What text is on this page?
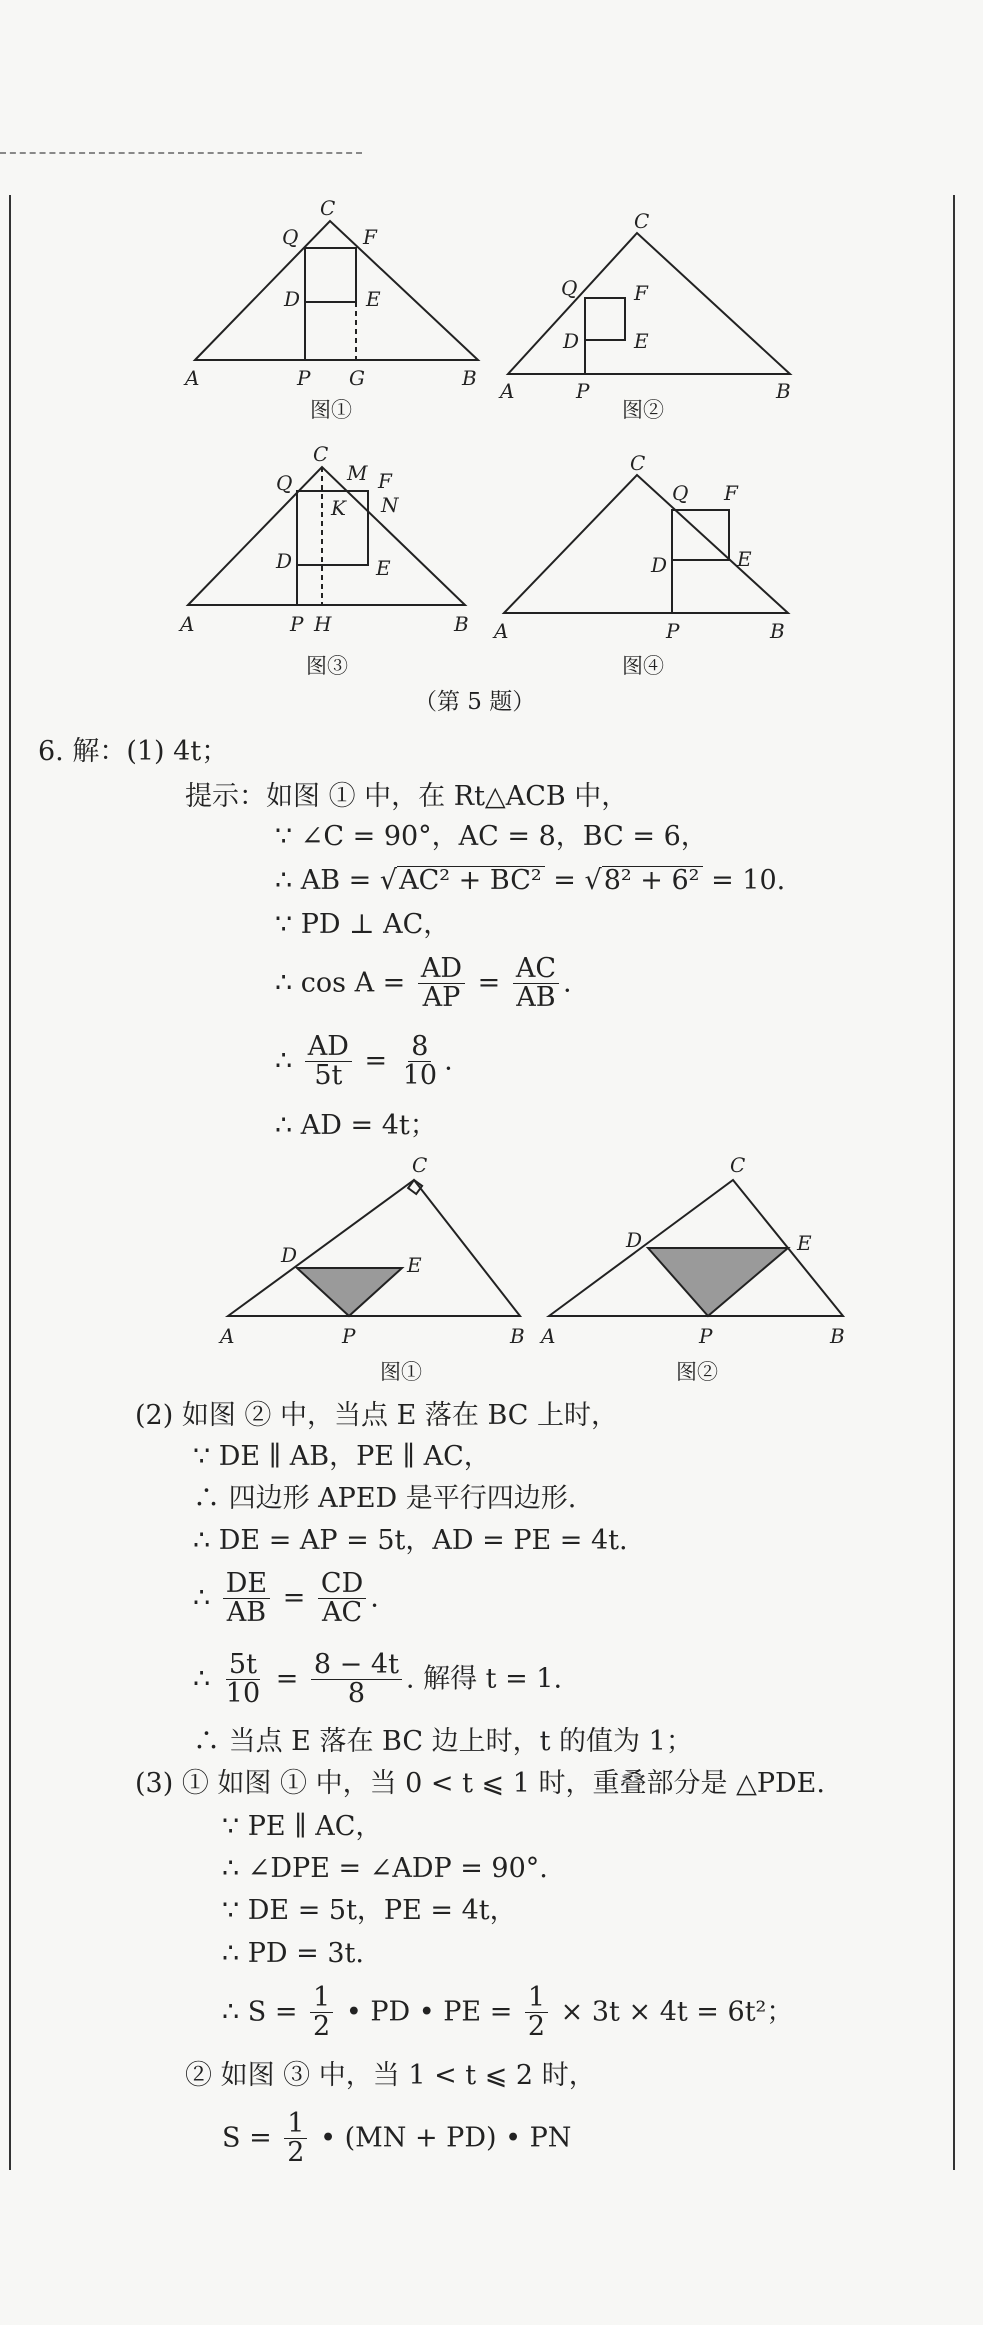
C
Q	F
D	E
A	P G	B
C
Q	F
D	E
A	P	B
C
Q	M F
K N
D	E
A	P H	B
C
Q F
D	E
A	P	B
图①	图②
图③	图④
（第 5 题）
6. 解：(1) 4t；
提示：如图 ① 中，在 Rt△ACB 中，
∵ ∠C = 90°，AC = 8，BC = 6，
∴ AB = √AC² + BC² = √8² + 6² = 10.
∵ PD ⊥ AC，
∴ $\cos A = \frac{AD}{AP} = \frac{AC}{AB}$ .
∴ $\frac{AD}{5t} = \frac{8}{10}$ .
∴ AD = 4t；
C
D	E
A	P	B
C
D	E
A	P	B
图①	图②
(2) 如图 ② 中，当点 E 落在 BC 上时，
∵ DE ∥ AB，PE ∥ AC，
∴ 四边形 APED 是平行四边形.
∴ DE = AP = 5t，AD = PE = 4t.
∴ $\frac{DE}{AB} = \frac{CD}{AC}$ .
∴ $\frac{5t}{10} = \frac{8 - 4t}{8}$ . 解得 t = 1.
∴ 当点 E 落在 BC 边上时，t 的值为 1；
(3) ① 如图 ① 中，当 0 < t ⩽ 1 时，重叠部分是 △PDE.
∵ PE ∥ AC，
∴ ∠DPE = ∠ADP = 90°.
∵ DE = 5t，PE = 4t，
∴ PD = 3t.
∴ $S = \frac{1}{2}$ • PD • PE = $\frac{1}{2} \times 3t \times 4t = 6t^2$；
② 如图 ③ 中，当 1 < t ⩽ 2 时，
$S = \frac{1}{2}$ • (MN + PD) • PN
